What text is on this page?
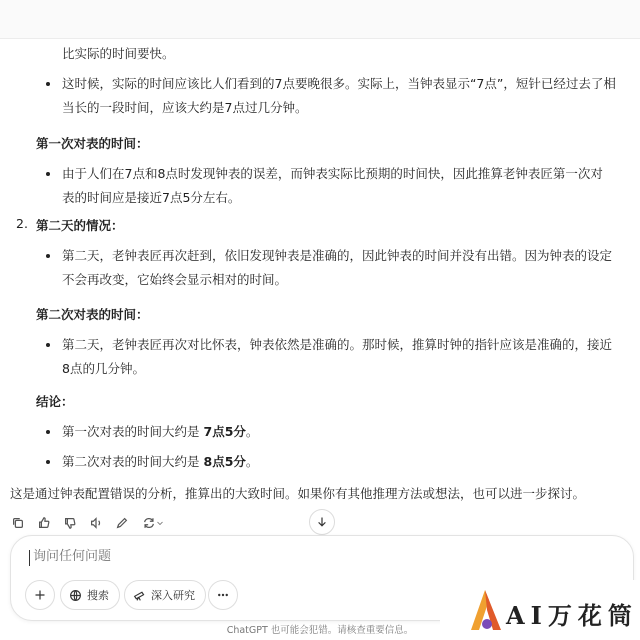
比实际的时间要快。
这时候，实际的时间应该比人们看到的7点要晚很多。实际上，当钟表显示“7点”，短针已经过去了相
当长的一段时间，应该大约是7点过几分钟。
第一次对表的时间：
由于人们在7点和8点时发现钟表的误差，而钟表实际比预期的时间快，因此推算老钟表匠第一次对
表的时间应是接近7点5分左右。
2. 第二天的情况：
第二天，老钟表匠再次赶到，依旧发现钟表是准确的，因此钟表的时间并没有出错。因为钟表的设定
不会再改变，它始终会显示相对的时间。
第二次对表的时间：
第二天，老钟表匠再次对比怀表，钟表依然是准确的。那时候，推算时钟的指针应该是准确的，接近
8点的几分钟。
结论：
第一次对表的时间大约是 7点5分。
第二次对表的时间大约是 8点5分。
这是通过钟表配置错误的分析，推算出的大致时间。如果你有其他推理方法或想法，也可以进一步探讨。
询问任何问题
搜索	深入研究
ChatGPT 也可能会犯错。请核查重要信息。
AI万花筒
